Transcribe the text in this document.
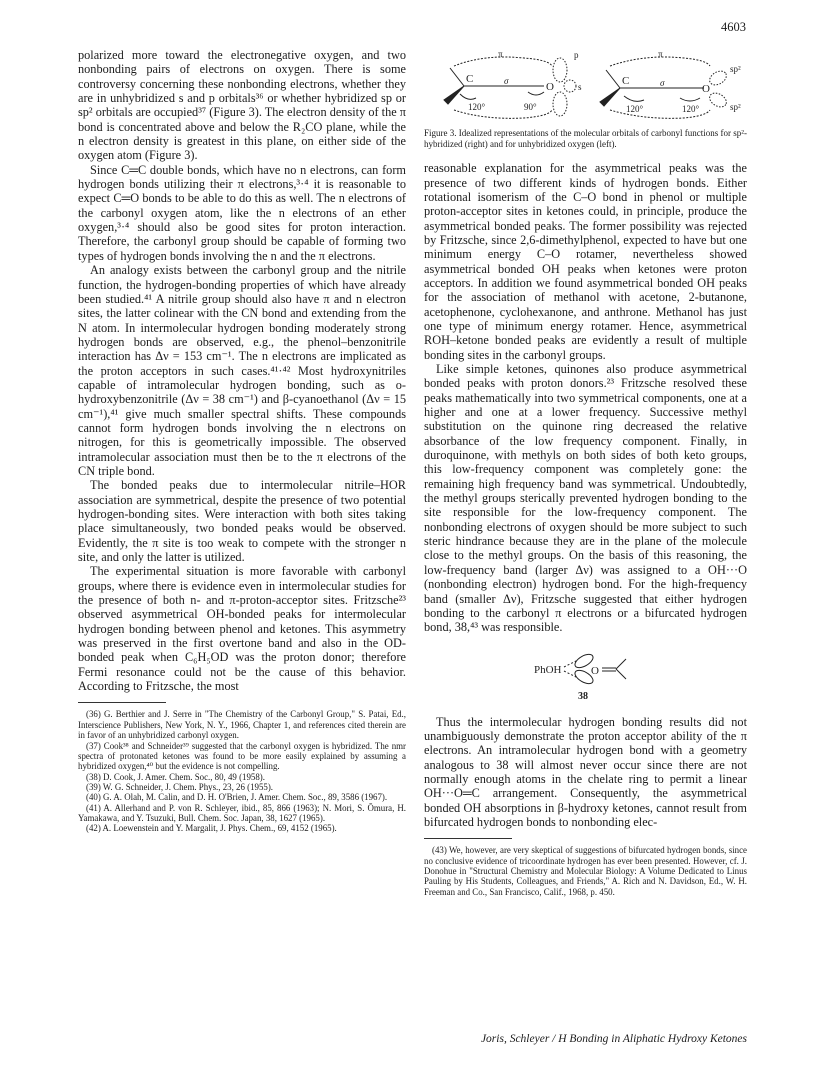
4603

polarized more toward the electronegative oxygen, and two nonbonding pairs of electrons on oxygen. There is some controversy concerning these nonbonding electrons, whether they are in unhybridized s and p orbitals³⁶ or whether hybridized sp or sp² orbitals are occupied³⁷ (Figure 3). The electron density of the π bond is concentrated above and below the R₂CO plane, while the n electron density is greatest in this plane, on either side of the oxygen atom (Figure 3).

Since C═C double bonds, which have no n electrons, can form hydrogen bonds utilizing their π electrons,³·⁴ it is reasonable to expect C═O bonds to be able to do this as well. The n electrons of the carbonyl oxygen atom, like the n electrons of an ether oxygen,³·⁴ should also be good sites for proton interaction. Therefore, the carbonyl group should be capable of forming two types of hydrogen bonds involving the n and the π electrons.

An analogy exists between the carbonyl group and the nitrile function, the hydrogen-bonding properties of which have already been studied.⁴¹ A nitrile group should also have π and n electron sites, the latter colinear with the CN bond and extending from the N atom. In intermolecular hydrogen bonding moderately strong hydrogen bonds are observed, e.g., the phenol–benzonitrile interaction has Δν = 153 cm⁻¹. The n electrons are implicated as the proton acceptors in such cases.⁴¹·⁴² Most hydroxynitriles capable of intramolecular hydrogen bonding, such as o-hydroxybenzonitrile (Δν = 38 cm⁻¹) and β-cyanoethanol (Δν = 15 cm⁻¹),⁴¹ give much smaller spectral shifts. These compounds cannot form hydrogen bonds involving the n electrons on nitrogen, for this is geometrically impossible. The observed intramolecular association must then be to the π electrons of the CN triple bond.

The bonded peaks due to intermolecular nitrile–HOR association are symmetrical, despite the presence of two potential hydrogen-bonding sites. Were interaction with both sites taking place simultaneously, two bonded peaks would be observed. Evidently, the π site is too weak to compete with the stronger n site, and only the latter is utilized.

The experimental situation is more favorable with carbonyl groups, where there is evidence even in intermolecular studies for the presence of both n- and π-proton-acceptor sites. Fritzsche²³ observed asymmetrical OH-bonded peaks for intermolecular hydrogen bonding between phenol and ketones. This asymmetry was preserved in the first overtone band and also in the OD-bonded peak when C₆H₅OD was the proton donor; therefore Fermi resonance could not be the cause of this behavior. According to Fritzsche, the most

(36) G. Berthier and J. Serre in "The Chemistry of the Carbonyl Group," S. Patai, Ed., Interscience Publishers, New York, N. Y., 1966, Chapter 1, and references cited therein are in favor of an unhybridized carbonyl oxygen.

(37) Cook³⁸ and Schneider³⁹ suggested that the carbonyl oxygen is hybridized. The nmr spectra of protonated ketones was found to be more easily explained by assuming a hybridized oxygen,⁴⁰ but the evidence is not compelling.

(38) D. Cook, J. Amer. Chem. Soc., 80, 49 (1958).

(39) W. G. Schneider, J. Chem. Phys., 23, 26 (1955).

(40) G. A. Olah, M. Calin, and D. H. O'Brien, J. Amer. Chem. Soc., 89, 3586 (1967).

(41) A. Allerhand and P. von R. Schleyer, ibid., 85, 866 (1963); N. Mori, S. Ōmura, H. Yamakawa, and Y. Tsuzuki, Bull. Chem. Soc. Japan, 38, 1627 (1965).

(42) A. Loewenstein and Y. Margalit, J. Phys. Chem., 69, 4152 (1965).

π
σ
p
s
120°	90°
C
O
π
σ
120°	120°
sp²
sp²
C
O

Figure 3. Idealized representations of the molecular orbitals of carbonyl functions for sp²-hybridized (right) and for unhybridized oxygen (left).

reasonable explanation for the asymmetrical peaks was the presence of two different kinds of hydrogen bonds. Either rotational isomerism of the C–O bond in phenol or multiple proton-acceptor sites in ketones could, in principle, produce the asymmetrical bonded peaks. The former possibility was rejected by Fritzsche, since 2,6-dimethylphenol, expected to have but one minimum energy C–O rotamer, nevertheless showed asymmetrical bonded OH peaks when ketones were proton acceptors. In addition we found asymmetrical bonded OH peaks for the association of methanol with acetone, 2-butanone, acetophenone, cyclohexanone, and anthrone. Methanol has just one type of minimum energy rotamer. Hence, asymmetrical ROH–ketone bonded peaks are evidently a result of multiple bonding sites in the carbonyl groups.

Like simple ketones, quinones also produce asymmetrical bonded peaks with proton donors.²³ Fritzsche resolved these peaks mathematically into two symmetrical components, one at a higher and one at a lower frequency. Successive methyl substitution on the quinone ring decreased the relative absorbance of the low frequency component. Finally, in duroquinone, with methyls on both sides of both keto groups, this low-frequency component was completely gone: the remaining high frequency band was symmetrical. Undoubtedly, the methyl groups sterically prevented hydrogen bonding to the site responsible for the low-frequency component. The nonbonding electrons of oxygen should be more subject to such steric hindrance because they are in the plane of the molecule close to the methyl groups. On the basis of this reasoning, the low-frequency band (larger Δν) was assigned to a OH···O (nonbonding electron) hydrogen bond. For the high-frequency band (smaller Δν), Fritzsche suggested that either hydrogen bonding to the carbonyl π electrons or a bifurcated hydrogen bond, 38,⁴³ was responsible.

PhOH	O
38

Thus the intermolecular hydrogen bonding results did not unambiguously demonstrate the proton acceptor ability of the π electrons. An intramolecular hydrogen bond with a geometry analogous to 38 will almost never occur since there are not normally enough atoms in the chelate ring to permit a linear OH···O═C arrangement. Consequently, the asymmetrical bonded OH absorptions in β-hydroxy ketones, cannot result from bifurcated hydrogen bonds to nonbonding elec-

(43) We, however, are very skeptical of suggestions of bifurcated hydrogen bonds, since no conclusive evidence of tricoordinate hydrogen has ever been presented. However, cf. J. Donohue in "Structural Chemistry and Molecular Biology: A Volume Dedicated to Linus Pauling by His Students, Colleagues, and Friends," A. Rich and N. Davidson, Ed., W. H. Freeman and Co., San Francisco, Calif., 1968, p. 450.

Joris, Schleyer / H Bonding in Aliphatic Hydroxy Ketones
